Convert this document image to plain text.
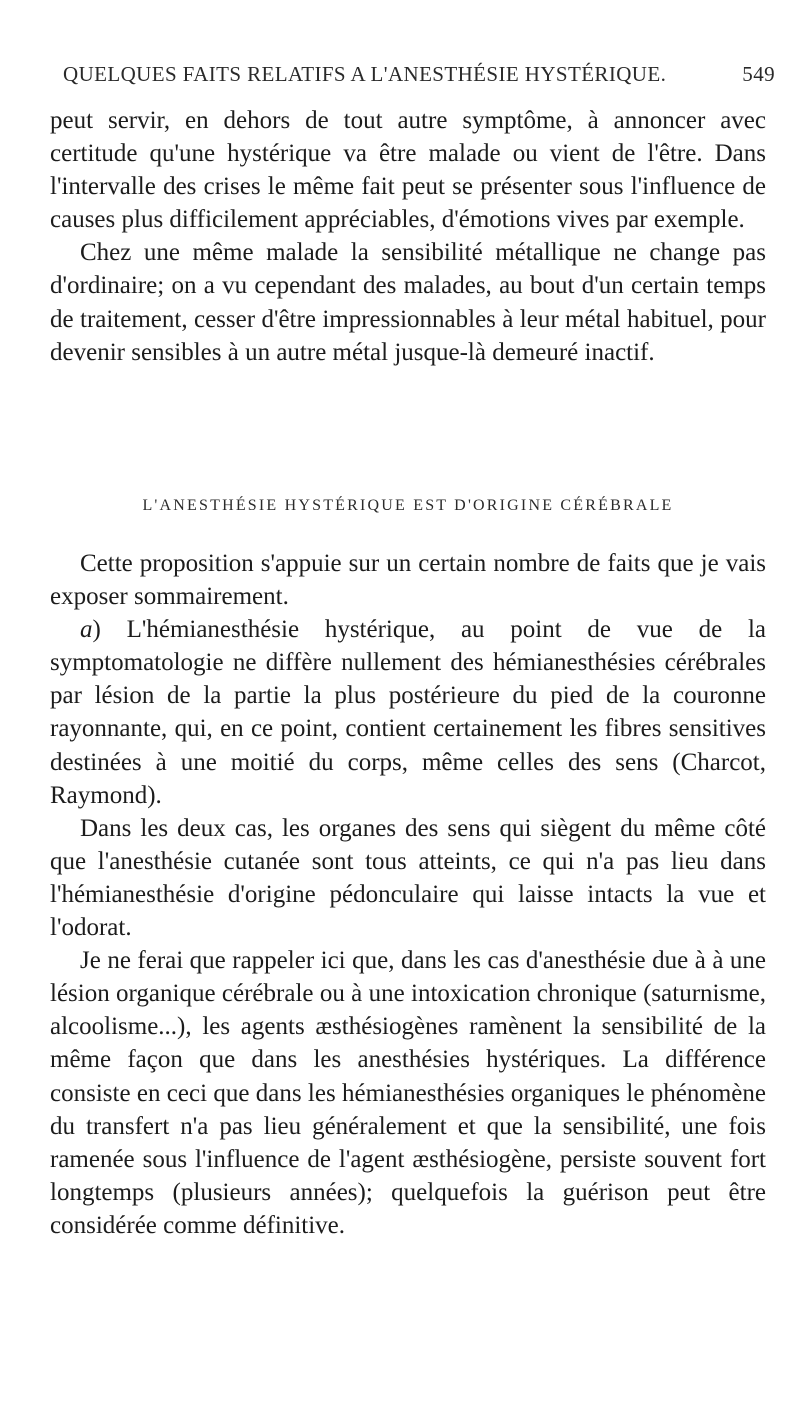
QUELQUES FAITS RELATIFS A L'ANESTHÉSIE HYSTÉRIQUE.	549

peut servir, en dehors de tout autre symptôme, à annoncer avec certitude qu'une hystérique va être malade ou vient de l'être. Dans l'intervalle des crises le même fait peut se présenter sous l'influence de causes plus difficilement appréciables, d'émotions vives par exemple.

Chez une même malade la sensibilité métallique ne change pas d'ordinaire; on a vu cependant des malades, au bout d'un certain temps de traitement, cesser d'être impressionnables à leur métal habituel, pour devenir sensibles à un autre métal jusque-là demeuré inactif.

L'ANESTHÉSIE HYSTÉRIQUE EST D'ORIGINE CÉRÉBRALE

Cette proposition s'appuie sur un certain nombre de faits que je vais exposer sommairement.

a) L'hémianesthésie hystérique, au point de vue de la symptomatologie ne diffère nullement des hémianesthésies cérébrales par lésion de la partie la plus postérieure du pied de la couronne rayonnante, qui, en ce point, contient certainement les fibres sensitives destinées à une moitié du corps, même celles des sens (Charcot, Raymond).

Dans les deux cas, les organes des sens qui siègent du même côté que l'anesthésie cutanée sont tous atteints, ce qui n'a pas lieu dans l'hémianesthésie d'origine pédonculaire qui laisse intacts la vue et l'odorat.

Je ne ferai que rappeler ici que, dans les cas d'anesthésie due à à une lésion organique cérébrale ou à une intoxication chronique (saturnisme, alcoolisme...), les agents æsthésiogènes ramènent la sensibilité de la même façon que dans les anesthésies hystériques. La différence consiste en ceci que dans les hémianesthésies organiques le phénomène du transfert n'a pas lieu généralement et que la sensibilité, une fois ramenée sous l'influence de l'agent æsthésiogène, persiste souvent fort longtemps (plusieurs années); quelquefois la guérison peut être considérée comme définitive.
